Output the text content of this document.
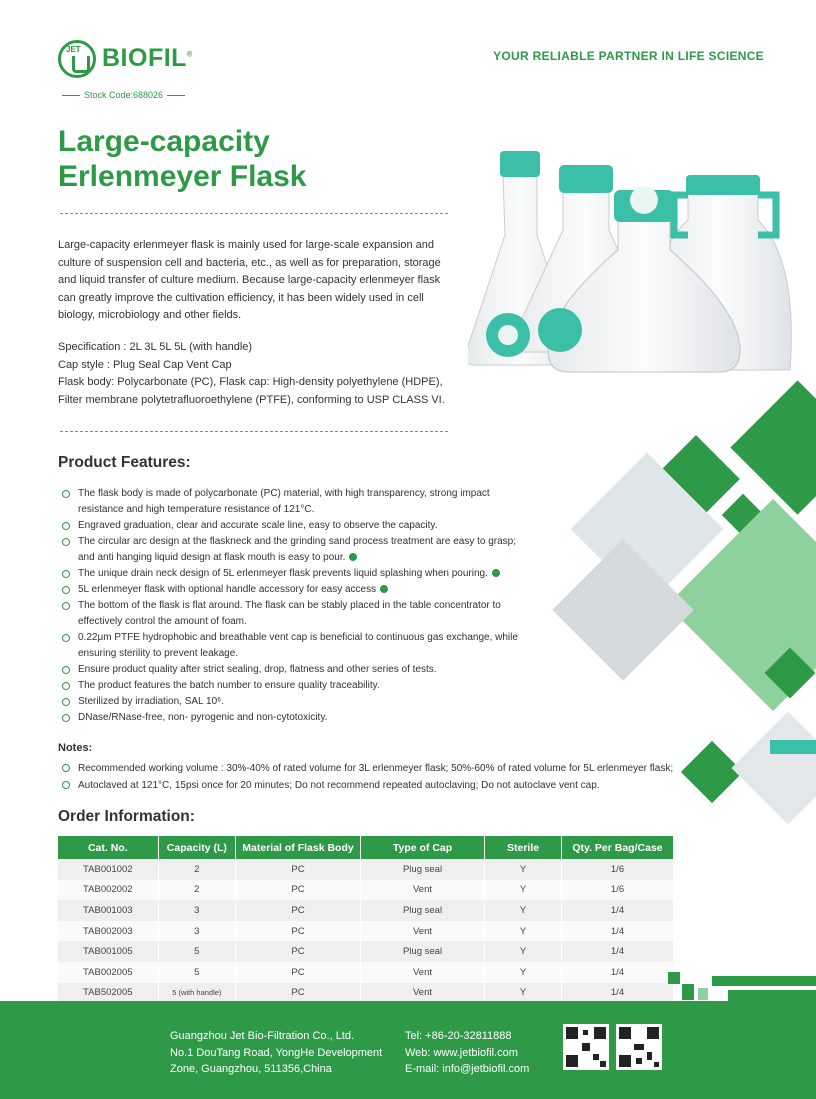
JET BIOFIL®
Stock Code:688026
YOUR RELIABLE PARTNER IN LIFE SCIENCE
Large-capacity
Erlenmeyer Flask
Large-capacity erlenmeyer flask is mainly used for large-scale expansion and culture of suspension cell and bacteria, etc., as well as for preparation, storage and liquid transfer of culture medium. Because large-capacity erlenmeyer flask can greatly improve the cultivation efficiency, it has been widely used in cell biology, microbiology and other fields.
Specification : 2L 3L 5L 5L (with handle)
Cap style : Plug Seal Cap Vent Cap
Flask body: Polycarbonate (PC), Flask cap: High-density polyethylene (HDPE),
Filter membrane polytetrafluoroethylene (PTFE), conforming to USP CLASS VI.
Product Features:
The flask body is made of polycarbonate (PC) material, with high transparency, strong impact resistance and high temperature resistance of 121°C.
Engraved graduation, clear and accurate scale line, easy to observe the capacity.
The circular arc design at the flaskneck and the grinding sand process treatment are easy to grasp; and anti hanging liquid design at flask mouth is easy to pour.
The unique drain neck design of 5L erlenmeyer flask prevents liquid splashing when pouring.
5L erlenmeyer flask with optional handle accessory for easy access
The bottom of the flask is flat around. The flask can be stably placed in the table concentrator to effectively control the amount of foam.
0.22μm PTFE hydrophobic and breathable vent cap is beneficial to continuous gas exchange, while ensuring sterility to prevent leakage.
Ensure product quality after strict sealing, drop, flatness and other series of tests.
The product features the batch number to ensure quality traceability.
Sterilized by irradiation, SAL 10⁶.
DNase/RNase-free, non- pyrogenic and non-cytotoxicity.
Notes:
Recommended working volume : 30%-40% of rated volume for 3L erlenmeyer flask; 50%-60% of rated volume for 5L erlenmeyer flask;
Autoclaved at 121°C, 15psi once for 20 minutes; Do not recommend repeated autoclaving; Do not autoclave vent cap.
Order Information:
Cat. No.	Capacity (L)	Material of Flask Body	Type of Cap	Sterile	Qty. Per Bag/Case
TAB001002	2	PC	Plug seal	Y	1/6
TAB002002	2	PC	Vent	Y	1/6
TAB001003	3	PC	Plug seal	Y	1/4
TAB002003	3	PC	Vent	Y	1/4
TAB001005	5	PC	Plug seal	Y	1/4
TAB002005	5	PC	Vent	Y	1/4
TAB502005	5 (with handle)	PC	Vent	Y	1/4
Guangzhou Jet Bio-Filtration Co., Ltd.
No.1 DouTang Road, YongHe Development
Zone, Guangzhou, 511356,China
Tel: +86-20-32811888
Web: www.jetbiofil.com
E-mail: info@jetbiofil.com
